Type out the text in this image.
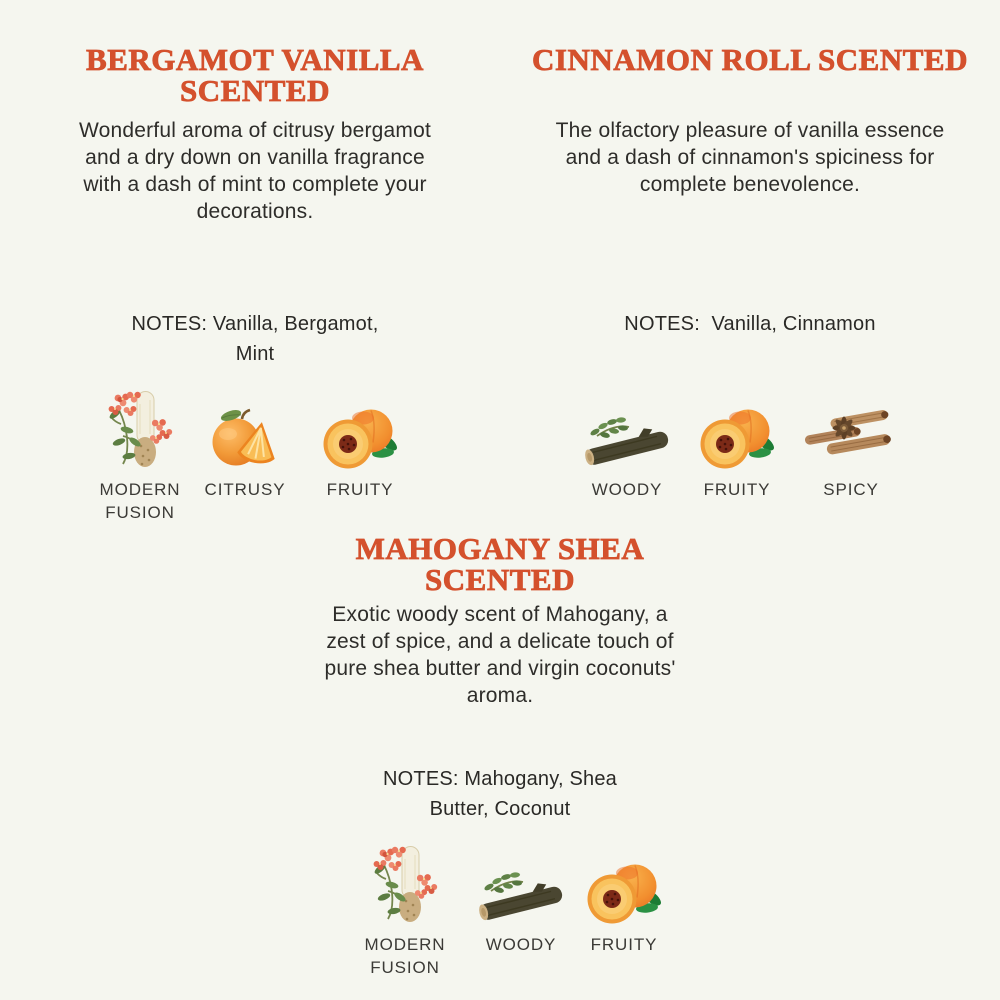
BERGAMOT VANILLA
SCENTED
Wonderful aroma of citrusy bergamot
and a dry down on vanilla fragrance
with a dash of mint to complete your
decorations.
NOTES: Vanilla, Bergamot,
Mint
MODERN FUSION
CITRUSY FRUITY
CINNAMON ROLL SCENTED
The olfactory pleasure of vanilla essence
and a dash of cinnamon's spiciness for
complete benevolence.
NOTES:  Vanilla, Cinnamon
WOODY FRUITY	SPICY
MAHOGANY SHEA
SCENTED
Exotic woody scent of Mahogany, a
zest of spice, and a delicate touch of
pure shea butter and virgin coconuts'
aroma.
NOTES: Mahogany, Shea
Butter, Coconut
MODERN FUSION
WOODY FRUITY
